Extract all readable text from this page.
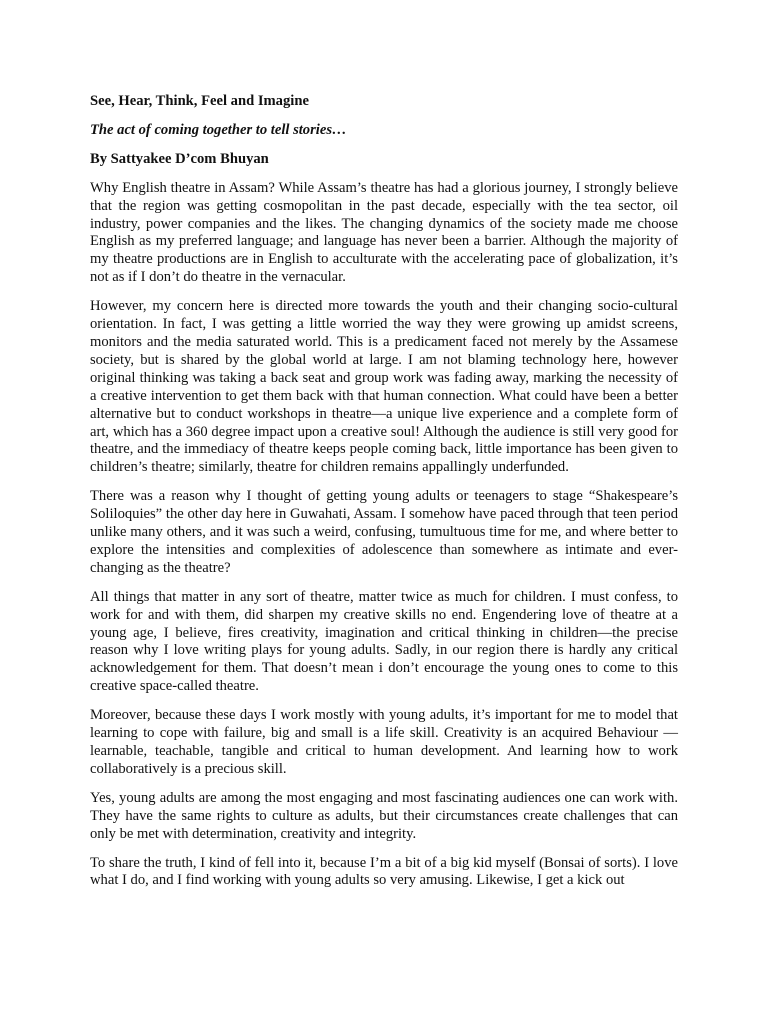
See, Hear, Think, Feel and Imagine

The act of coming together to tell stories…

By Sattyakee D’com Bhuyan

Why English theatre in Assam? While Assam’s theatre has had a glorious journey, I strongly believe that the region was getting cosmopolitan in the past decade, especially with the tea sector, oil industry, power companies and the likes. The changing dynamics of the society made me choose English as my preferred language; and language has never been a barrier. Although the majority of my theatre productions are in English to acculturate with the accelerating pace of globalization, it’s not as if I don’t do theatre in the vernacular.

However, my concern here is directed more towards the youth and their changing socio-cultural orientation. In fact, I was getting a little worried the way they were growing up amidst screens, monitors and the media saturated world. This is a predicament faced not merely by the Assamese society, but is shared by the global world at large. I am not blaming technology here, however original thinking was taking a back seat and group work was fading away, marking the necessity of a creative intervention to get them back with that human connection. What could have been a better alternative but to conduct workshops in theatre—a unique live experience and a complete form of art, which has a 360 degree impact upon a creative soul! Although the audience is still very good for theatre, and the immediacy of theatre keeps people coming back, little importance has been given to children’s theatre; similarly, theatre for children remains appallingly underfunded.

There was a reason why I thought of getting young adults or teenagers to stage “Shakespeare’s Soliloquies” the other day here in Guwahati, Assam. I somehow have paced through that teen period unlike many others, and it was such a weird, confusing, tumultuous time for me, and where better to explore the intensities and complexities of adolescence than somewhere as intimate and ever-changing as the theatre?

All things that matter in any sort of theatre, matter twice as much for children. I must confess, to work for and with them, did sharpen my creative skills no end. Engendering love of theatre at a young age, I believe, fires creativity, imagination and critical thinking in children—the precise reason why I love writing plays for young adults. Sadly, in our region there is hardly any critical acknowledgement for them. That doesn’t mean i don’t encourage the young ones to come to this creative space-called theatre.

Moreover, because these days I work mostly with young adults, it’s important for me to model that learning to cope with failure, big and small is a life skill. Creativity is an acquired Behaviour —learnable, teachable, tangible and critical to human development. And learning how to work collaboratively is a precious skill.

Yes, young adults are among the most engaging and most fascinating audiences one can work with. They have the same rights to culture as adults, but their circumstances create challenges that can only be met with determination, creativity and integrity.

To share the truth, I kind of fell into it, because I’m a bit of a big kid myself (Bonsai of sorts). I love what I do, and I find working with young adults so very amusing. Likewise, I get a kick out
